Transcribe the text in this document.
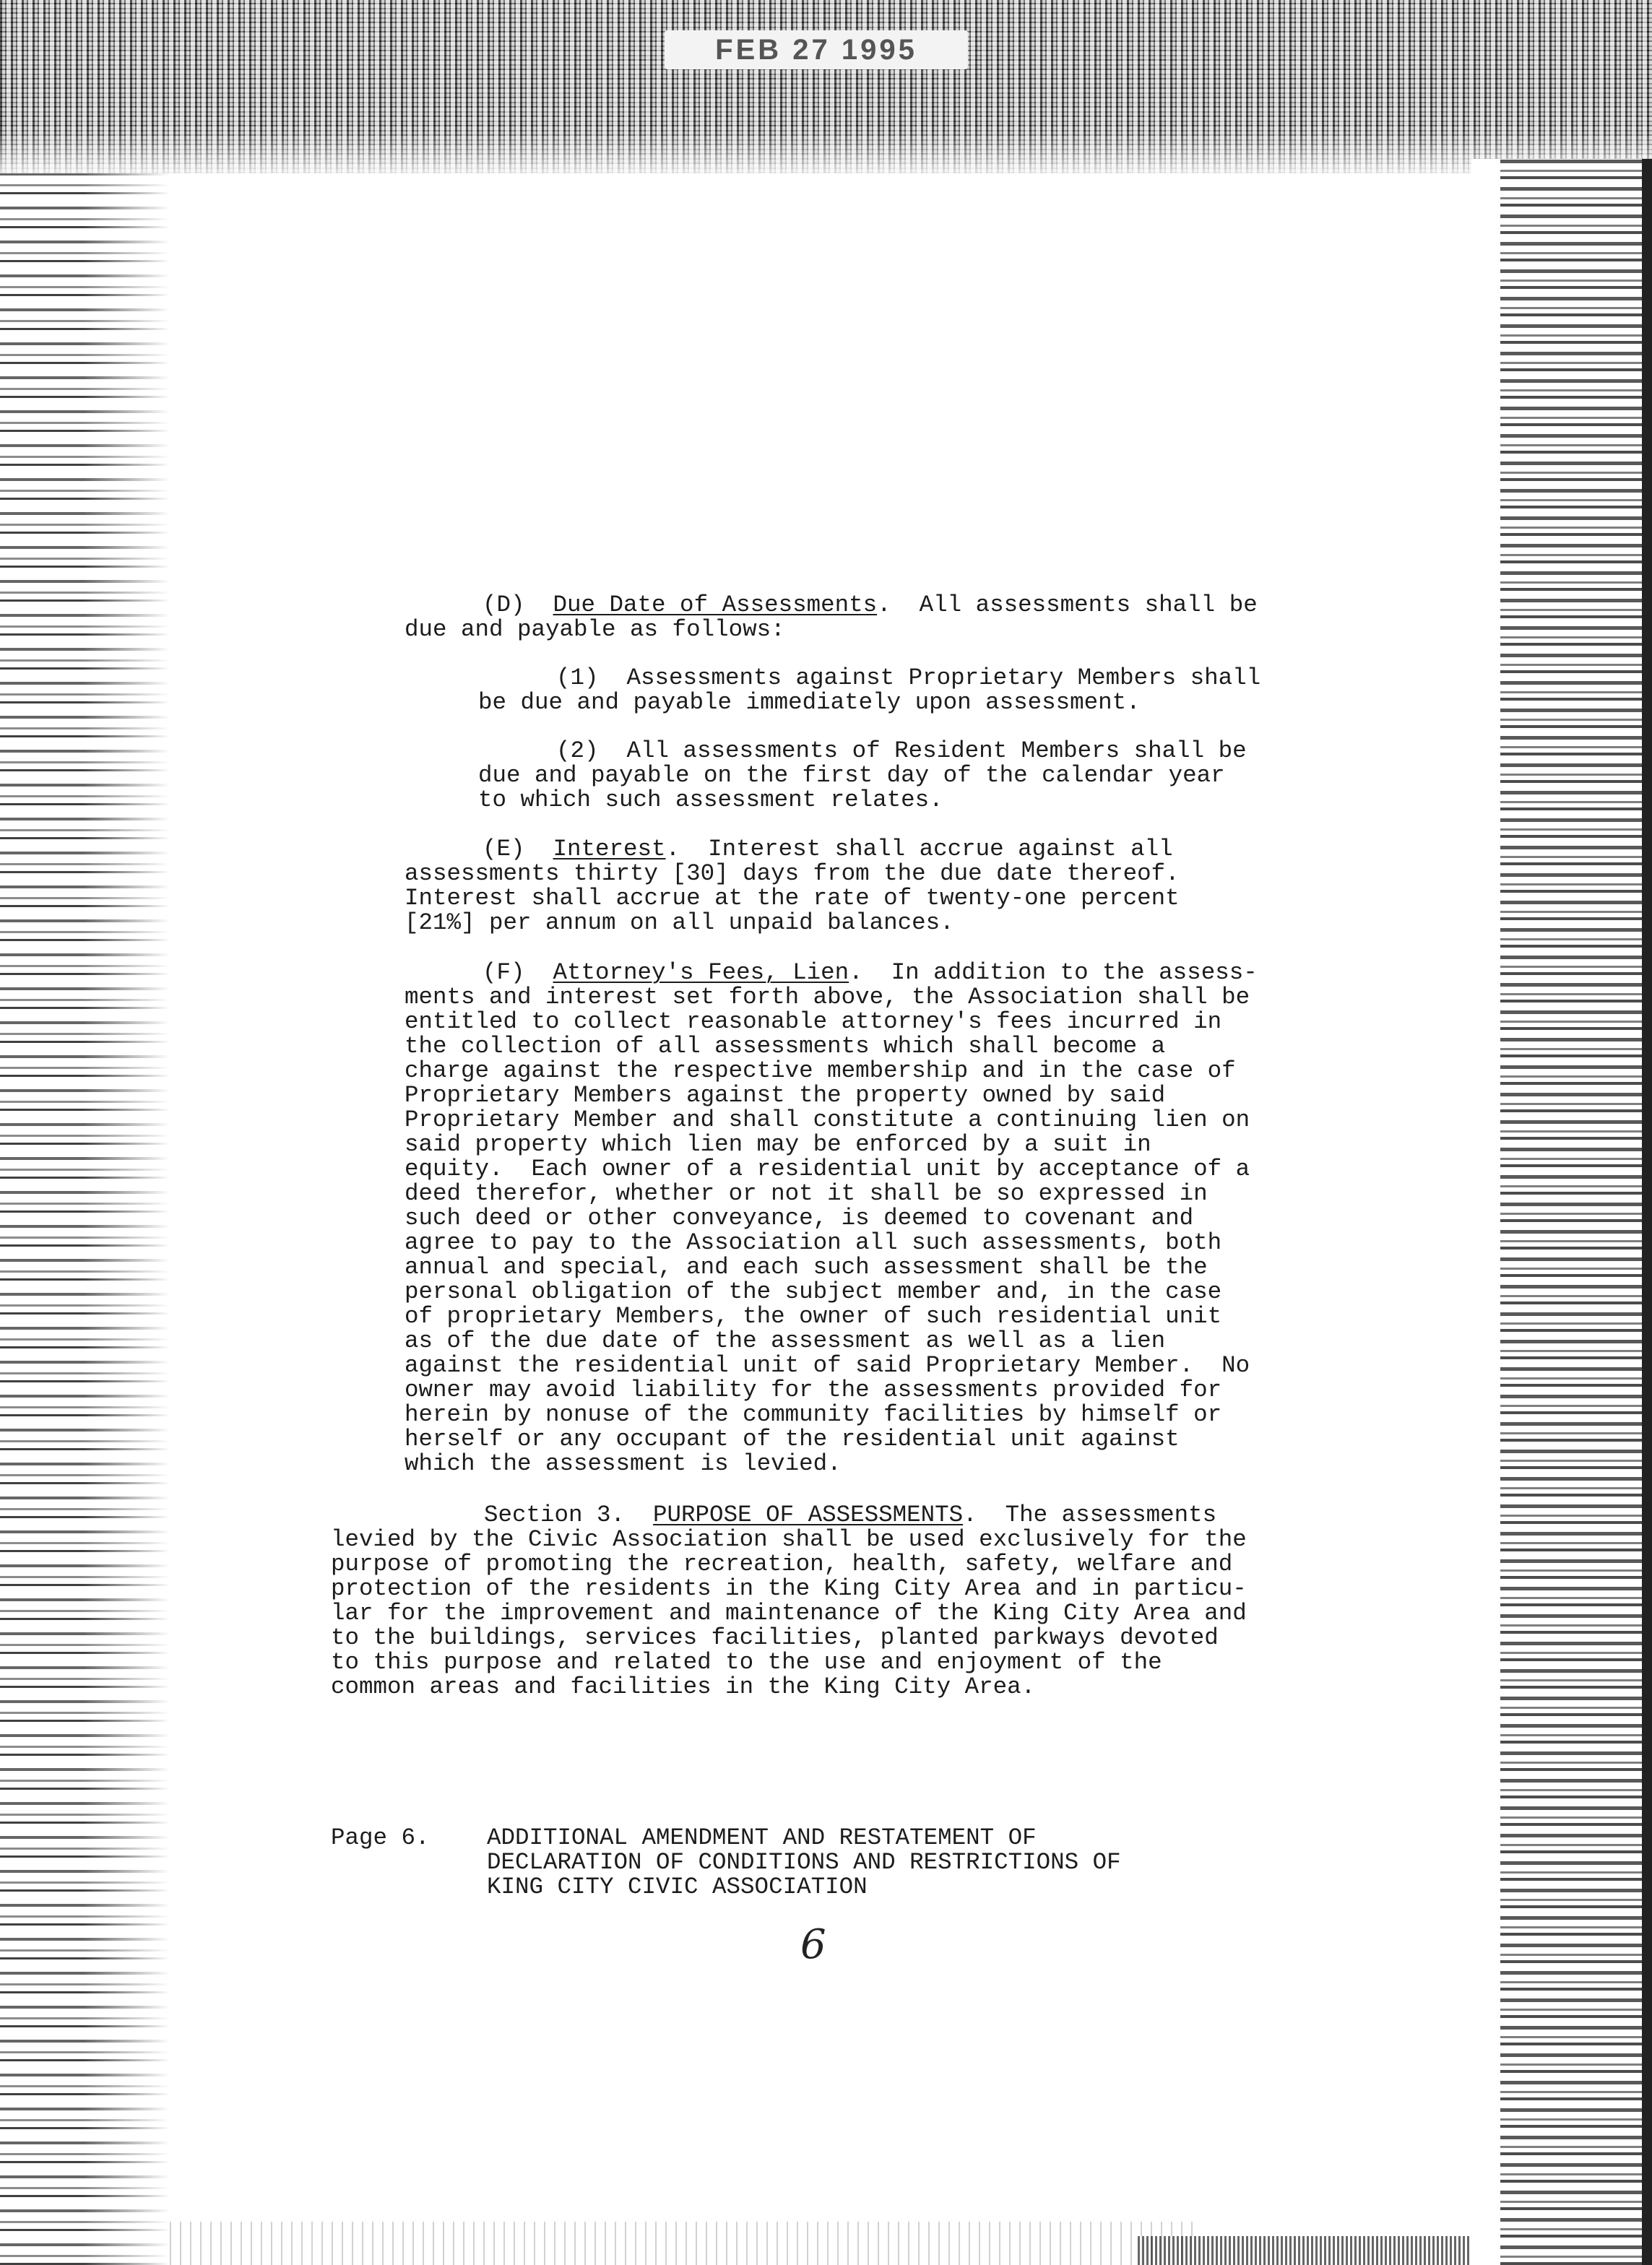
FEB 27 1995
(D)  Due Date of Assessments.  All assessments shall be
due and payable as follows:
(1)  Assessments against Proprietary Members shall
be due and payable immediately upon assessment.
(2)  All assessments of Resident Members shall be
due and payable on the first day of the calendar year
to which such assessment relates.
(E)  Interest.  Interest shall accrue against all
assessments thirty [30] days from the due date thereof.
Interest shall accrue at the rate of twenty-one percent
[21%] per annum on all unpaid balances.
(F)  Attorney's Fees, Lien.  In addition to the assess-
ments and interest set forth above, the Association shall be
entitled to collect reasonable attorney's fees incurred in
the collection of all assessments which shall become a
charge against the respective membership and in the case of
Proprietary Members against the property owned by said
Proprietary Member and shall constitute a continuing lien on
said property which lien may be enforced by a suit in
equity.  Each owner of a residential unit by acceptance of a
deed therefor, whether or not it shall be so expressed in
such deed or other conveyance, is deemed to covenant and
agree to pay to the Association all such assessments, both
annual and special, and each such assessment shall be the
personal obligation of the subject member and, in the case
of proprietary Members, the owner of such residential unit
as of the due date of the assessment as well as a lien
against the residential unit of said Proprietary Member.  No
owner may avoid liability for the assessments provided for
herein by nonuse of the community facilities by himself or
herself or any occupant of the residential unit against
which the assessment is levied.
Section 3.  PURPOSE OF ASSESSMENTS.  The assessments
levied by the Civic Association shall be used exclusively for the
purpose of promoting the recreation, health, safety, welfare and
protection of the residents in the King City Area and in particu-
lar for the improvement and maintenance of the King City Area and
to the buildings, services facilities, planted parkways devoted
to this purpose and related to the use and enjoyment of the
common areas and facilities in the King City Area.
Page 6. ADDITIONAL AMENDMENT AND RESTATEMENT OF
DECLARATION OF CONDITIONS AND RESTRICTIONS OF
KING CITY CIVIC ASSOCIATION
6
